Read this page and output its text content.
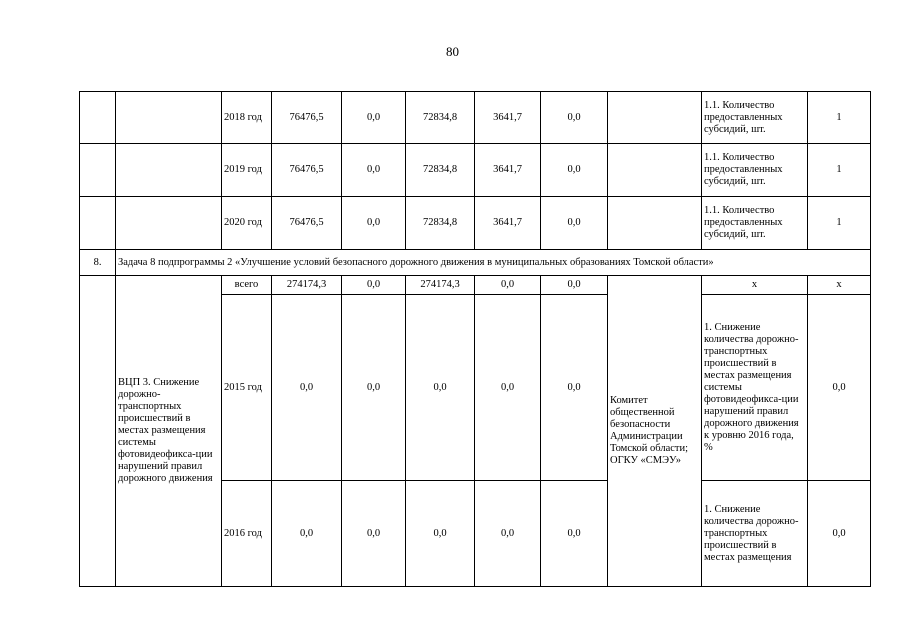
80
		2018 год	76476,5	0,0	72834,8	3641,7	0,0		1.1. Количество предоставленных субсидий, шт.	1
		2019 год	76476,5	0,0	72834,8	3641,7	0,0		1.1. Количество предоставленных субсидий, шт.	1
		2020 год	76476,5	0,0	72834,8	3641,7	0,0		1.1. Количество предоставленных субсидий, шт.	1
8.	Задача 8 подпрограммы 2 «Улучшение условий безопасного дорожного движения в муниципальных образованиях Томской области»									
	ВЦП 3. Снижение дорожно-транспортных происшествий в местах размещения системы фотовидеофикса-ции нарушений правил дорожного движения	всего	274174,3	0,0	274174,3	0,0	0,0	Комитет общественной безопасности Администрации Томской области; ОГКУ «СМЭУ»	х	х
		2015 год	0,0	0,0	0,0	0,0	0,0		1. Снижение количества дорожно-транспортных происшествий в местах размещения системы фотовидеофикса-ции нарушений правил дорожного движения к уровню 2016 года, %	0,0
		2016 год	0,0	0,0	0,0	0,0	0,0		1. Снижение количества дорожно-транспортных происшествий в местах размещения	0,0
